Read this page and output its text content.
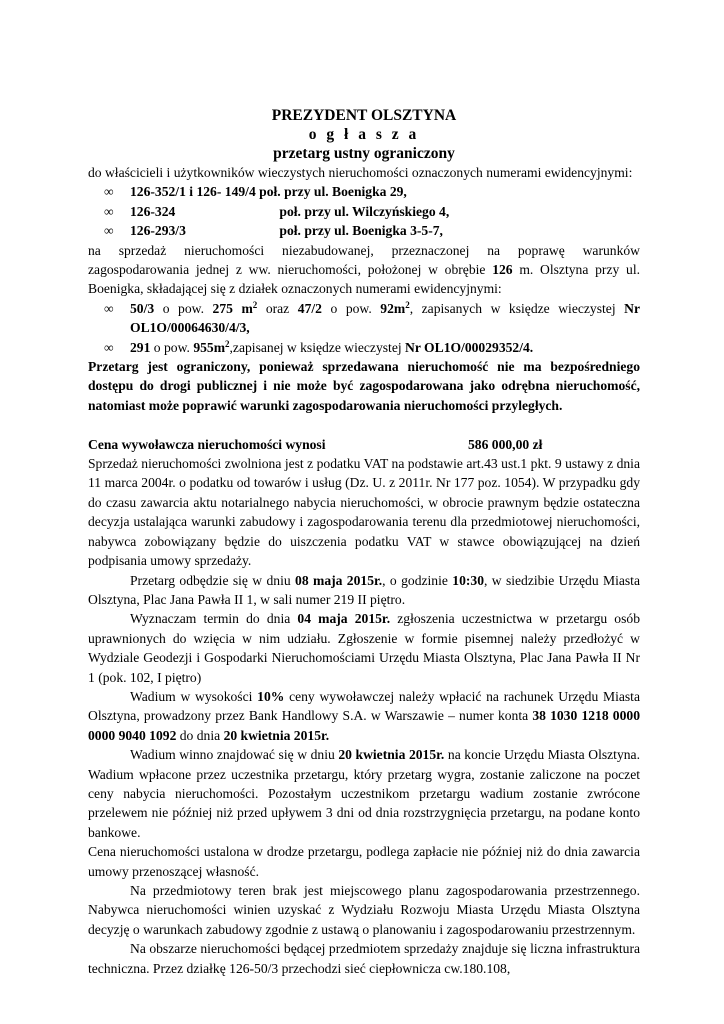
PREZYDENT OLSZTYNA
o g ł a s z a
przetarg ustny ograniczony

do właścicieli i użytkowników wieczystych nieruchomości oznaczonych numerami ewidencyjnymi:

∞ 126-352/1 i 126- 149/4 poł. przy ul. Boenigka 29,
∞ 126-324	poł. przy ul. Wilczyńskiego 4,
∞ 126-293/3	poł. przy ul. Boenigka 3-5-7,

na sprzedaż nieruchomości niezabudowanej, przeznaczonej na poprawę warunków zagospodarowania jednej z ww. nieruchomości, położonej w obrębie 126 m. Olsztyna przy ul. Boenigka, składającej się z działek oznaczonych numerami ewidencyjnymi:

∞ 50/3 o pow. 275 $m^2$ oraz 47/2 o pow. $92m^2$, zapisanych w księdze wieczystej Nr OL1O/00064630/4/3,

∞ 291 o pow. $955m^2,zapisanej$ w księdze wieczystej Nr OL1O/00029352/4.

Przetarg jest ograniczony, ponieważ sprzedawana nieruchomość nie ma bezpośredniego dostępu do drogi publicznej i nie może być zagospodarowana jako odrębna nieruchomość, natomiast może poprawić warunki zagospodarowania nieruchomości przyległych.

Cena wywoławcza nieruchomości wynosi	586 000,00 zł

Sprzedaż nieruchomości zwolniona jest z podatku VAT na podstawie art.43 ust.1 pkt. 9 ustawy z dnia 11 marca 2004r. o podatku od towarów i usług (Dz. U. z 2011r. Nr 177 poz. 1054). W przypadku gdy do czasu zawarcia aktu notarialnego nabycia nieruchomości, w obrocie prawnym będzie ostateczna decyzja ustalająca warunki zabudowy i zagospodarowania terenu dla przedmiotowej nieruchomości, nabywca zobowiązany będzie do uiszczenia podatku VAT w stawce obowiązującej na dzień podpisania umowy sprzedaży.

Przetarg odbędzie się w dniu 08 maja 2015r., o godzinie 10:30, w siedzibie Urzędu Miasta Olsztyna, Plac Jana Pawła II 1, w sali numer 219 II piętro.

Wyznaczam termin do dnia 04 maja 2015r. zgłoszenia uczestnictwa w przetargu osób uprawnionych do wzięcia w nim udziału. Zgłoszenie w formie pisemnej należy przedłożyć w Wydziale Geodezji i Gospodarki Nieruchomościami Urzędu Miasta Olsztyna, Plac Jana Pawła II Nr 1 (pok. 102, I piętro)

Wadium w wysokości 10% ceny wywoławczej należy wpłacić na rachunek Urzędu Miasta Olsztyna, prowadzony przez Bank Handlowy S.A. w Warszawie – numer konta 38 1030 1218 0000 0000 9040 1092 do dnia 20 kwietnia 2015r.

Wadium winno znajdować się w dniu 20 kwietnia 2015r. na koncie Urzędu Miasta Olsztyna. Wadium wpłacone przez uczestnika przetargu, który przetarg wygra, zostanie zaliczone na poczet ceny nabycia nieruchomości. Pozostałym uczestnikom przetargu wadium zostanie zwrócone przelewem nie później niż przed upływem 3 dni od dnia rozstrzygnięcia przetargu, na podane konto bankowe.

Cena nieruchomości ustalona w drodze przetargu, podlega zapłacie nie później niż do dnia zawarcia umowy przenoszącej własność.

Na przedmiotowy teren brak jest miejscowego planu zagospodarowania przestrzennego. Nabywca nieruchomości winien uzyskać z Wydziału Rozwoju Miasta Urzędu Miasta Olsztyna decyzję o warunkach zabudowy zgodnie z ustawą o planowaniu i zagospodarowaniu przestrzennym.

Na obszarze nieruchomości będącej przedmiotem sprzedaży znajduje się liczna infrastruktura techniczna. Przez działkę 126-50/3 przechodzi sieć ciepłownicza cw.180.108,
